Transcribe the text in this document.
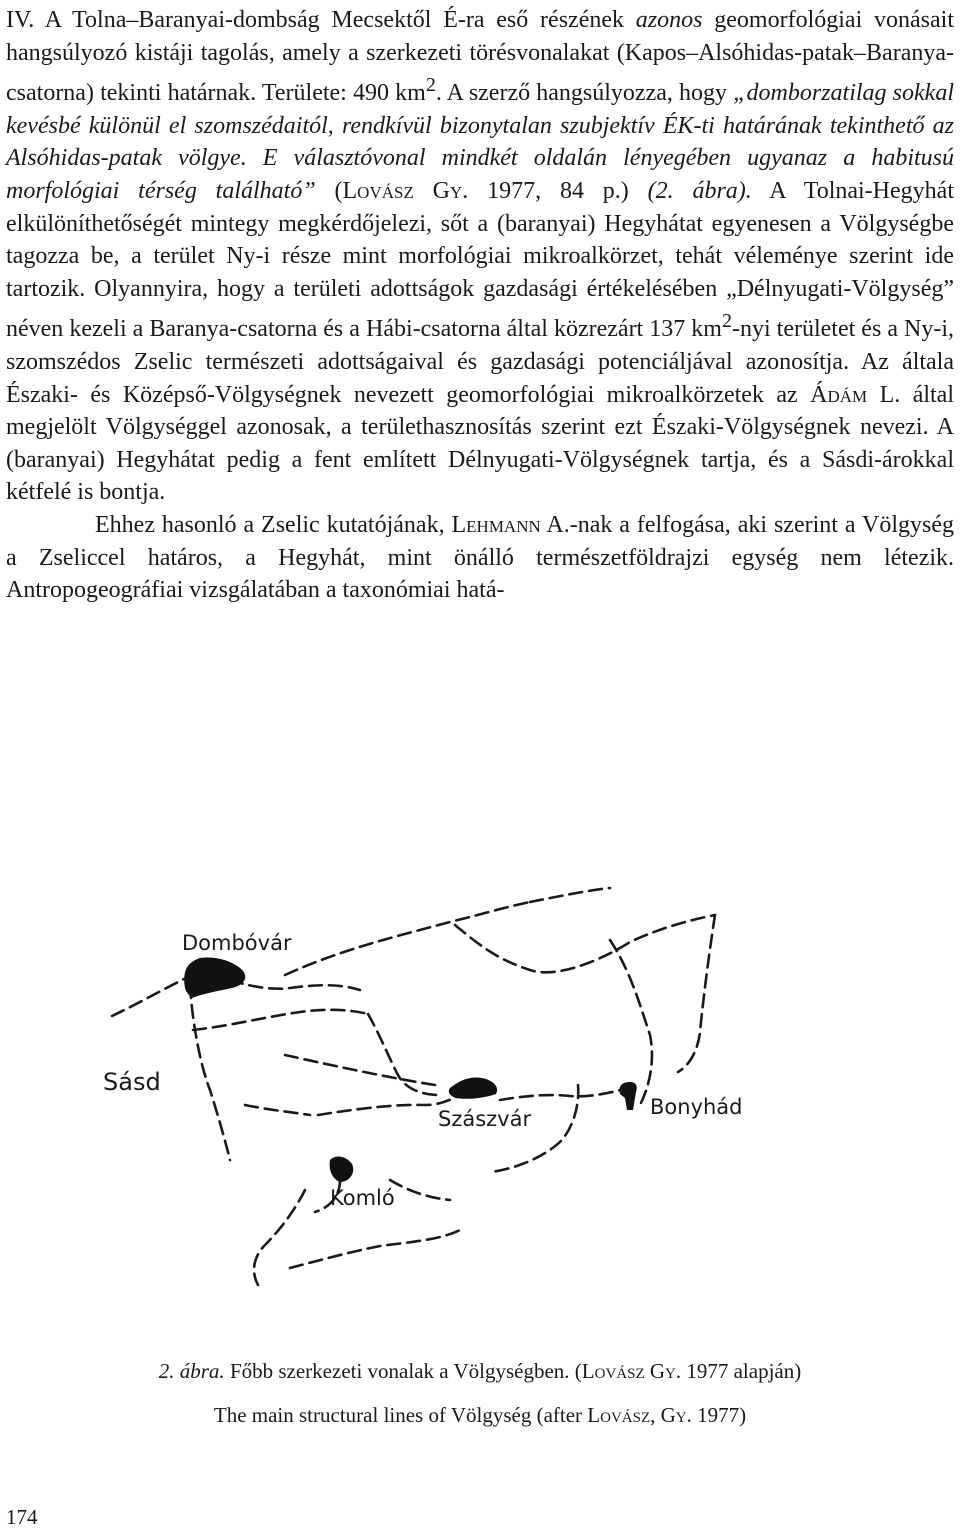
IV. A Tolna–Baranyai-dombság Mecsektől É-ra eső részének azonos geomorfológiai vonásait hangsúlyozó kistáji tagolás, amely a szerkezeti törésvonalakat (Kapos–Alsóhidas-patak–Baranya-csatorna) tekinti határnak. Területe: 490 $km^2$. A szerző hangsúlyozza, hogy „domborzatilag sokkal kevésbé különül el szomszédaitól, rendkívül bizonytalan szubjektív ÉK-ti határának tekinthető az Alsóhidas-patak völgye. E választóvonal mindkét oldalán lényegében ugyanaz a habitusú morfológiai térség található” (Lovász Gy. 1977, 84 p.) (2. ábra). A Tolnai-Hegyhát elkülöníthetőségét mintegy megkérdőjelezi, sőt a (baranyai) Hegyhátat egyenesen a Völgységbe tagozza be, a terület Ny-i része mint morfológiai mikroalkörzet, tehát véleménye szerint ide tartozik. Olyannyira, hogy a területi adottságok gazdasági értékelésében „Délnyugati-Völgység” néven kezeli a Baranya-csatorna és a Hábi-csatorna által közrezárt 137 $km^2$-nyi területet és a Ny-i, szomszédos Zselic természeti adottságaival és gazdasági potenciáljával azonosítja. Az általa Északi- és Középső-Völgységnek nevezett geomorfológiai mikroalkörzetek az Ádám L. által megjelölt Völgységgel azonosak, a területhasznosítás szerint ezt Északi-Völgységnek nevezi. A (baranyai) Hegyhátat pedig a fent említett Délnyugati-Völgységnek tartja, és a Sásdi-árokkal kétfelé is bontja.

Ehhez hasonló a Zselic kutatójának, Lehmann A.-nak a felfogása, aki szerint a Völgység a Zseliccel határos, a Hegyhát, mint önálló természetföldrajzi egység nem létezik. Antropogeográfiai vizsgálatában a taxonómiai hatá-

Dombóvár
Sásd
Bonyhád
Szászvár
Komló
2. ábra. Főbb szerkezeti vonalak a Völgységben. (Lovász Gy. 1977 alapján)
The main structural lines of Völgység (after Lovász, Gy. 1977)
174
